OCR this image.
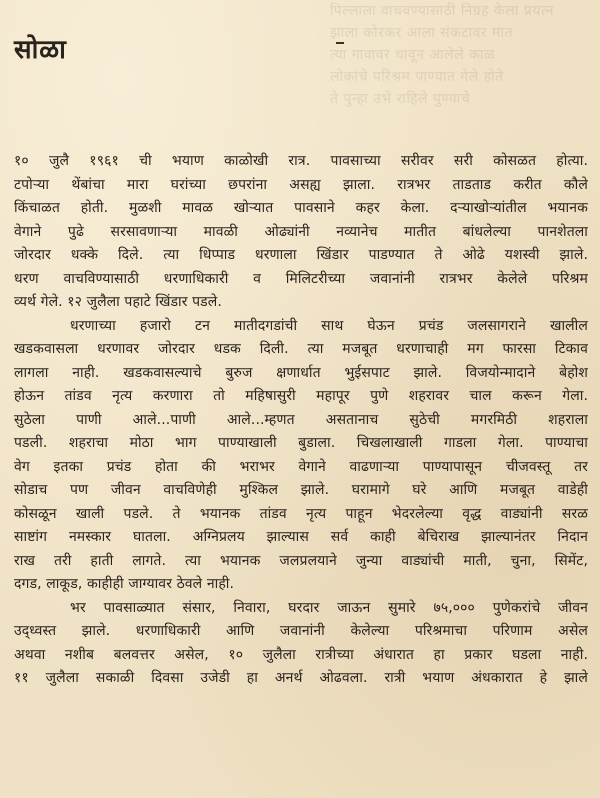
पिल्लाला वाचवण्यासाठी निग्रह केला प्रयत्न
झाला कोरकर आला संकटावर मात
त्या गावावर धावून आलेले काळ
लोकांचे परिश्रम पाण्यात गेले होते
ते पुन्हा उभे राहिले पुण्याचे
सोळा
१० जुलै १९६१ ची भयाण काळोखी रात्र. पावसाच्या सरीवर सरी कोसळत होत्या.
टपोऱ्या थेंबांचा मारा घरांच्या छपरांना असह्य झाला. रात्रभर ताडताड करीत कौले
किंचाळत होती. मुळशी मावळ खोऱ्यात पावसाने कहर केला. दऱ्याखोऱ्यांतील भयानक
वेगाने पुढे सरसावणाऱ्या मावळी ओढ्यांनी नव्यानेच मातीत बांधलेल्या पानशेतला
जोरदार धक्के दिले. त्या धिप्पाड धरणाला खिंडार पाडण्यात ते ओढे यशस्वी झाले.
धरण वाचविण्यासाठी धरणाधिकारी व मिलिटरीच्या जवानांनी रात्रभर केलेले परिश्रम
व्यर्थ गेले. १२ जुलैला पहाटे खिंडार पडले.
धरणाच्या हजारो टन मातीदगडांची साथ घेऊन प्रचंड जलसागराने खालील
खडकवासला धरणावर जोरदार धडक दिली. त्या मजबूत धरणाचाही मग फारसा टिकाव
लागला नाही. खडकवासल्याचे बुरुज क्षणार्धात भुईसपाट झाले. विजयोन्मादाने बेहोश
होऊन तांडव नृत्य करणारा तो महिषासुरी महापूर पुणे शहरावर चाल करून गेला.
सुठेला पाणी आले...पाणी आले...म्हणत असतानाच सुठेची मगरमिठी शहराला
पडली. शहराचा मोठा भाग पाण्याखाली बुडाला. चिखलाखाली गाडला गेला. पाण्याचा
वेग इतका प्रचंड होता की भराभर वेगाने वाढणाऱ्या पाण्यापासून चीजवस्तू तर
सोडाच पण जीवन वाचविणेही मुश्किल झाले. घरामागे घरे आणि मजबूत वाडेही
कोसळून खाली पडले. ते भयानक तांडव नृत्य पाहून भेदरलेल्या वृद्ध वाड्यांनी सरळ
साष्टांग नमस्कार घातला. अग्निप्रलय झाल्यास सर्व काही बेचिराख झाल्यानंतर निदान
राख तरी हाती लागते. त्या भयानक जलप्रलयाने जुन्या वाड्यांची माती, चुना, सिमेंट,
दगड, लाकूड, काहीही जाग्यावर ठेवले नाही.
भर पावसाळ्यात संसार, निवारा, घरदार जाऊन सुमारे ७५,००० पुणेकरांचे जीवन
उद्ध्वस्त झाले. धरणाधिकारी आणि जवानांनी केलेल्या परिश्रमाचा परिणाम असेल
अथवा नशीब बलवत्तर असेल, १० जुलैला रात्रीच्या अंधारात हा प्रकार घडला नाही.
११ जुलैला सकाळी दिवसा उजेडी हा अनर्थ ओढवला. रात्री भयाण अंधकारात हे झाले
